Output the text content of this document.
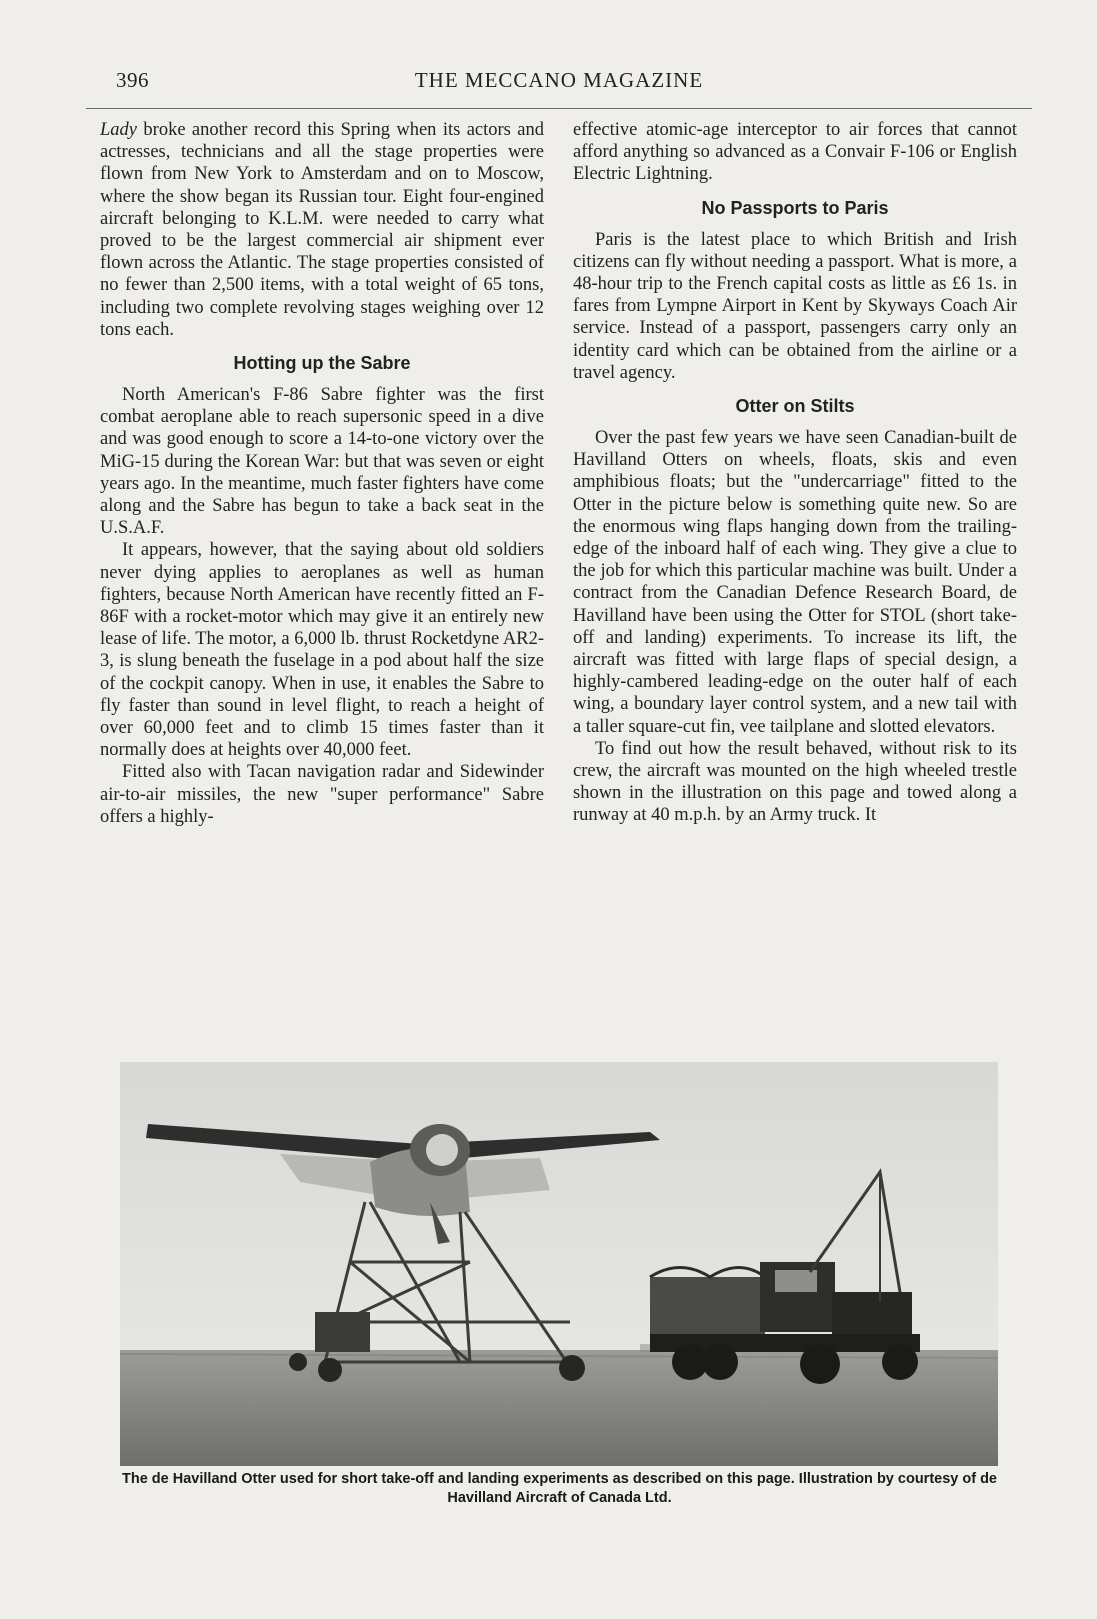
396	THE MECCANO MAGAZINE

Lady broke another record this Spring when its actors and actresses, technicians and all the stage properties were flown from New York to Amsterdam and on to Moscow, where the show began its Russian tour. Eight four-engined aircraft belonging to K.L.M. were needed to carry what proved to be the largest commercial air shipment ever flown across the Atlantic. The stage properties consisted of no fewer than 2,500 items, with a total weight of 65 tons, including two complete revolving stages weighing over 12 tons each.

Hotting up the Sabre

North American's F-86 Sabre fighter was the first combat aeroplane able to reach supersonic speed in a dive and was good enough to score a 14-to-one victory over the MiG-15 during the Korean War: but that was seven or eight years ago. In the meantime, much faster fighters have come along and the Sabre has begun to take a back seat in the U.S.A.F.

It appears, however, that the saying about old soldiers never dying applies to aeroplanes as well as human fighters, because North American have recently fitted an F-86F with a rocket-motor which may give it an entirely new lease of life. The motor, a 6,000 lb. thrust Rocketdyne AR2-3, is slung beneath the fuselage in a pod about half the size of the cockpit canopy. When in use, it enables the Sabre to fly faster than sound in level flight, to reach a height of over 60,000 feet and to climb 15 times faster than it normally does at heights over 40,000 feet.

Fitted also with Tacan navigation radar and Sidewinder air-to-air missiles, the new "super performance" Sabre offers a highly-

effective atomic-age interceptor to air forces that cannot afford anything so advanced as a Convair F-106 or English Electric Lightning.

No Passports to Paris

Paris is the latest place to which British and Irish citizens can fly without needing a passport. What is more, a 48-hour trip to the French capital costs as little as £6 1s. in fares from Lympne Airport in Kent by Skyways Coach Air service. Instead of a passport, passengers carry only an identity card which can be obtained from the airline or a travel agency.

Otter on Stilts

Over the past few years we have seen Canadian-built de Havilland Otters on wheels, floats, skis and even amphibious floats; but the "undercarriage" fitted to the Otter in the picture below is something quite new. So are the enormous wing flaps hanging down from the trailing-edge of the inboard half of each wing. They give a clue to the job for which this particular machine was built. Under a contract from the Canadian Defence Research Board, de Havilland have been using the Otter for STOL (short take-off and landing) experiments. To increase its lift, the aircraft was fitted with large flaps of special design, a highly-cambered leading-edge on the outer half of each wing, a boundary layer control system, and a new tail with a taller square-cut fin, vee tailplane and slotted elevators.

To find out how the result behaved, without risk to its crew, the aircraft was mounted on the high wheeled trestle shown in the illustration on this page and towed along a runway at 40 m.p.h. by an Army truck. It

The de Havilland Otter used for short take-off and landing experiments as described on this page. Illustration by courtesy of de Havilland Aircraft of Canada Ltd.
